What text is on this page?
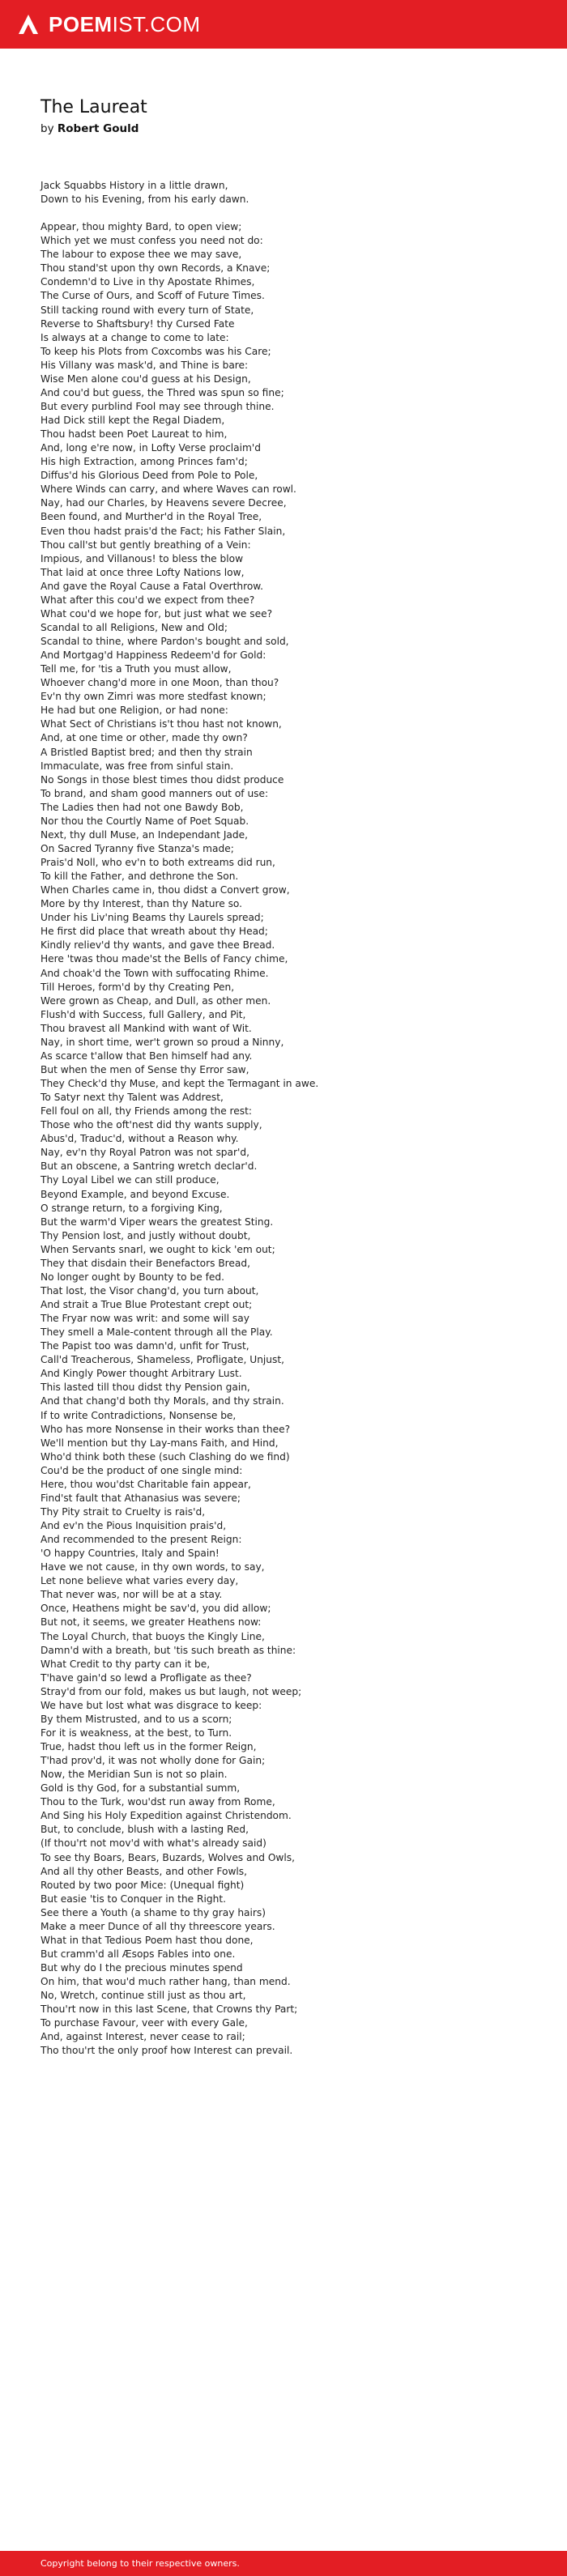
POEMIST.COM
The Laureat
by Robert Gould
Jack Squabbs History in a little drawn,
Down to his Evening, from his early dawn.
Appear, thou mighty Bard, to open view;
Which yet we must confess you need not do:
The labour to expose thee we may save,
Thou stand'st upon thy own Records, a Knave;
Condemn'd to Live in thy Apostate Rhimes,
The Curse of Ours, and Scoff of Future Times.
Still tacking round with every turn of State,
Reverse to Shaftsbury! thy Cursed Fate
Is always at a change to come to late:
To keep his Plots from Coxcombs was his Care;
His Villany was mask'd, and Thine is bare:
Wise Men alone cou'd guess at his Design,
And cou'd but guess, the Thred was spun so fine;
But every purblind Fool may see through thine.
Had Dick still kept the Regal Diadem,
Thou hadst been Poet Laureat to him,
And, long e're now, in Lofty Verse proclaim'd
His high Extraction, among Princes fam'd;
Diffus'd his Glorious Deed from Pole to Pole,
Where Winds can carry, and where Waves can rowl.
Nay, had our Charles, by Heavens severe Decree,
Been found, and Murther'd in the Royal Tree,
Even thou hadst prais'd the Fact; his Father Slain,
Thou call'st but gently breathing of a Vein:
Impious, and Villanous! to bless the blow
That laid at once three Lofty Nations low,
And gave the Royal Cause a Fatal Overthrow.
What after this cou'd we expect from thee?
What cou'd we hope for, but just what we see?
Scandal to all Religions, New and Old;
Scandal to thine, where Pardon's bought and sold,
And Mortgag'd Happiness Redeem'd for Gold:
Tell me, for 'tis a Truth you must allow,
Whoever chang'd more in one Moon, than thou?
Ev'n thy own Zimri was more stedfast known;
He had but one Religion, or had none:
What Sect of Christians is't thou hast not known,
And, at one time or other, made thy own?
A Bristled Baptist bred; and then thy strain
Immaculate, was free from sinful stain.
No Songs in those blest times thou didst produce
To brand, and sham good manners out of use:
The Ladies then had not one Bawdy Bob,
Nor thou the Courtly Name of Poet Squab.
Next, thy dull Muse, an Independant Jade,
On Sacred Tyranny five Stanza's made;
Prais'd Noll, who ev'n to both extreams did run,
To kill the Father, and dethrone the Son.
When Charles came in, thou didst a Convert grow,
More by thy Interest, than thy Nature so.
Under his Liv'ning Beams thy Laurels spread;
He first did place that wreath about thy Head;
Kindly reliev'd thy wants, and gave thee Bread.
Here 'twas thou made'st the Bells of Fancy chime,
And choak'd the Town with suffocating Rhime.
Till Heroes, form'd by thy Creating Pen,
Were grown as Cheap, and Dull, as other men.
Flush'd with Success, full Gallery, and Pit,
Thou bravest all Mankind with want of Wit.
Nay, in short time, wer't grown so proud a Ninny,
As scarce t'allow that Ben himself had any.
But when the men of Sense thy Error saw,
They Check'd thy Muse, and kept the Termagant in awe.
To Satyr next thy Talent was Addrest,
Fell foul on all, thy Friends among the rest:
Those who the oft'nest did thy wants supply,
Abus'd, Traduc'd, without a Reason why.
Nay, ev'n thy Royal Patron was not spar'd,
But an obscene, a Santring wretch declar'd.
Thy Loyal Libel we can still produce,
Beyond Example, and beyond Excuse.
O strange return, to a forgiving King,
But the warm'd Viper wears the greatest Sting.
Thy Pension lost, and justly without doubt,
When Servants snarl, we ought to kick 'em out;
They that disdain their Benefactors Bread,
No longer ought by Bounty to be fed.
That lost, the Visor chang'd, you turn about,
And strait a True Blue Protestant crept out;
The Fryar now was writ: and some will say
They smell a Male-content through all the Play.
The Papist too was damn'd, unfit for Trust,
Call'd Treacherous, Shameless, Profligate, Unjust,
And Kingly Power thought Arbitrary Lust.
This lasted till thou didst thy Pension gain,
And that chang'd both thy Morals, and thy strain.
If to write Contradictions, Nonsense be,
Who has more Nonsense in their works than thee?
We'll mention but thy Lay-mans Faith, and Hind,
Who'd think both these (such Clashing do we find)
Cou'd be the product of one single mind:
Here, thou wou'dst Charitable fain appear,
Find'st fault that Athanasius was severe;
Thy Pity strait to Cruelty is rais'd,
And ev'n the Pious Inquisition prais'd,
And recommended to the present Reign:
'O happy Countries, Italy and Spain!
Have we not cause, in thy own words, to say,
Let none believe what varies every day,
That never was, nor will be at a stay.
Once, Heathens might be sav'd, you did allow;
But not, it seems, we greater Heathens now:
The Loyal Church, that buoys the Kingly Line,
Damn'd with a breath, but 'tis such breath as thine:
What Credit to thy party can it be,
T'have gain'd so lewd a Profligate as thee?
Stray'd from our fold, makes us but laugh, not weep;
We have but lost what was disgrace to keep:
By them Mistrusted, and to us a scorn;
For it is weakness, at the best, to Turn.
True, hadst thou left us in the former Reign,
T'had prov'd, it was not wholly done for Gain;
Now, the Meridian Sun is not so plain.
Gold is thy God, for a substantial summ,
Thou to the Turk, wou'dst run away from Rome,
And Sing his Holy Expedition against Christendom.
But, to conclude, blush with a lasting Red,
(If thou'rt not mov'd with what's already said)
To see thy Boars, Bears, Buzards, Wolves and Owls,
And all thy other Beasts, and other Fowls,
Routed by two poor Mice: (Unequal fight)
But easie 'tis to Conquer in the Right.
See there a Youth (a shame to thy gray hairs)
Make a meer Dunce of all thy threescore years.
What in that Tedious Poem hast thou done,
But cramm'd all Æsops Fables into one.
But why do I the precious minutes spend
On him, that wou'd much rather hang, than mend.
No, Wretch, continue still just as thou art,
Thou'rt now in this last Scene, that Crowns thy Part;
To purchase Favour, veer with every Gale,
And, against Interest, never cease to rail;
Tho thou'rt the only proof how Interest can prevail.
Copyright belong to their respective owners.
